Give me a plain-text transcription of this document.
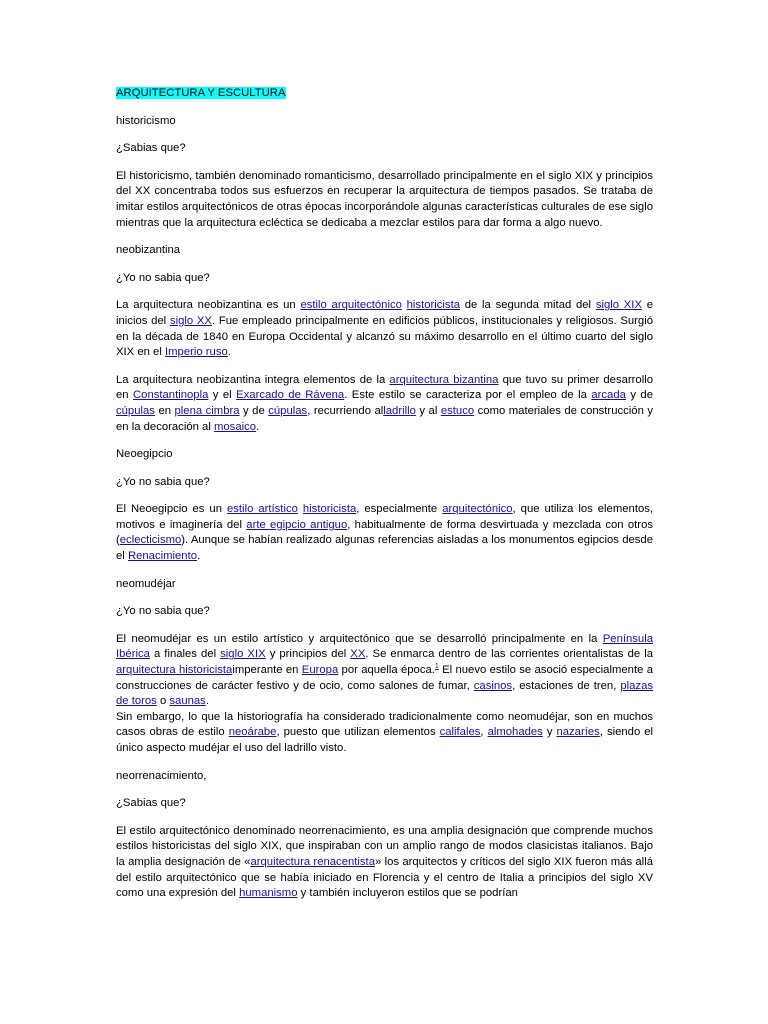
ARQUITECTURA Y ESCULTURA

historicismo

¿Sabias que?

El historicismo, también denominado romanticismo, desarrollado principalmente en el siglo XIX y principios del XX concentraba todos sus esfuerzos en recuperar la arquitectura de tiempos pasados. Se trataba de imitar estilos arquitectónicos de otras épocas incorporándole algunas características culturales de ese siglo mientras que la arquitectura ecléctica se dedicaba a mezclar estilos para dar forma a algo nuevo.

neobizantina

¿Yo no sabia que?

La arquitectura neobizantina es un estilo arquitectónico historicista de la segunda mitad del siglo XIX e inicios del siglo XX. Fue empleado principalmente en edificios públicos, institucionales y religiosos. Surgió en la década de 1840 en Europa Occidental y alcanzó su máximo desarrollo en el último cuarto del siglo XIX en el Imperio ruso.

La arquitectura neobizantina integra elementos de la arquitectura bizantina que tuvo su primer desarrollo en Constantinopla y el Exarcado de Rávena. Este estilo se caracteriza por el empleo de la arcada y de cúpulas en plena cimbra y de cúpulas, recurriendo alladrillo y al estuco como materiales de construcción y en la decoración al mosaico.

Neoegipcio

¿Yo no sabia que?

El Neoegipcio es un estilo artístico historicista, especialmente arquitectónico, que utiliza los elementos, motivos e imaginería del arte egipcio antiguo, habitualmente de forma desvirtuada y mezclada con otros (eclecticismo). Aunque se habían realizado algunas referencias aisladas a los monumentos egipcios desde el Renacimiento.

neomudéjar

¿Yo no sabia que?

El neomudéjar es un estilo artístico y arquitectónico que se desarrolló principalmente en la Península Ibérica a finales del siglo XIX y principios del XX. Se enmarca dentro de las corrientes orientalistas de la arquitectura historicistaimperante en Europa por aquella época.$^1$ El nuevo estilo se asoció especialmente a construcciones de carácter festivo y de ocio, como salones de fumar, casinos, estaciones de tren, plazas de toros o saunas.

Sin embargo, lo que la historiografía ha considerado tradicionalmente como neomudéjar, son en muchos casos obras de estilo neoárabe, puesto que utilizan elementos califales, almohades y nazaríes, siendo el único aspecto mudéjar el uso del ladrillo visto.

neorrenacimiento,

¿Sabias que?

El estilo arquitectónico denominado neorrenacimiento, es una amplia designación que comprende muchos estilos historicistas del siglo XIX, que inspiraban con un amplio rango de modos clasicistas italianos. Bajo la amplia designación de «arquitectura renacentista» los arquitectos y críticos del siglo XIX fueron más allá del estilo arquitectónico que se había iniciado en Florencia y el centro de Italia a principios del siglo XV como una expresión del humanismo y también incluyeron estilos que se podrían
